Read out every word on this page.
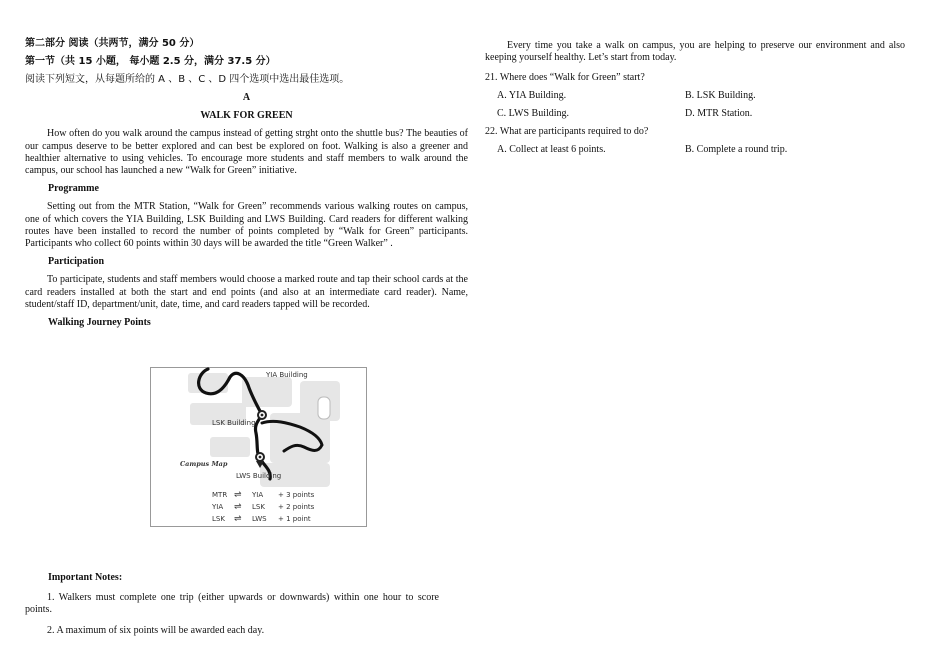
第二部分 阅读（共两节，满分 50 分）
第一节（共 15 小题， 每小题 2.5 分，满分 37.5 分）
阅读下列短文，从每题所给的 A 、B 、C 、D 四个选项中选出最佳选项。

A

WALK FOR GREEN

How often do you walk around the campus instead of getting strght onto the shuttle bus? The beauties of our campus deserve to be better explored and can best be explored on foot. Walking is also a greener and healthier alternative to using vehicles. To encourage more students and staff members to walk around the campus, our school has launched a new “Walk for Green” initiative.

Programme

Setting out from the MTR Station, “Walk for Green” recommends various walking routes on campus, one of which covers the YIA Building, LSK Building and LWS Building. Card readers for different walking routes have been installed to record the number of points completed by “Walk for Green” participants. Participants who collect 60 points within 30 days will be awarded the title “Green Walker” .

Participation

To participate, students and staff members would choose a marked route and tap their school cards at the card readers installed at both the start and end points (and also at an intermediate card reader). Name, student/staff ID, department/unit, date, time, and card readers tapped will be recorded.

Walking Journey Points

YIA Building
LSK Building
LWS Building
Campus Map
MTR ⇌ YIA + 3 points
YIA ⇌ LSK + 2 points
LSK ⇌ LWS + 1 point

Important Notes:

1. Walkers must complete one trip (either upwards or downwards) within one hour to score points.

2. A maximum of six points will be awarded each day.

Every time you take a walk on campus, you are helping to preserve our environment and also keeping yourself healthy. Let’s start from today.

21. Where does “Walk for Green” start?

A. YIA Building.	B. LSK Building.
C. LWS Building.	D. MTR Station.

22. What are participants required to do?

A. Collect at least 6 points.	B. Complete a round trip.
